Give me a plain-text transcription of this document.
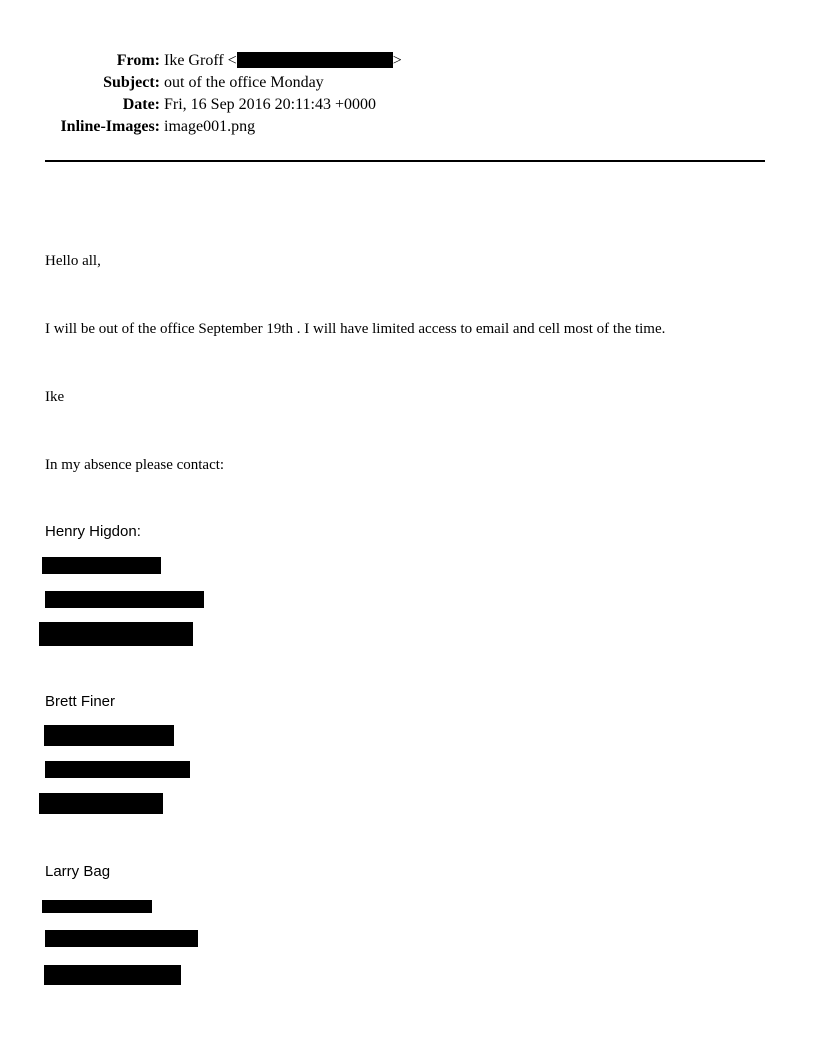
From: Ike Groff <	>
Subject: out of the office Monday
Date: Fri, 16 Sep 2016 20:11:43 +0000
Inline-Images: image001.png
Hello all,
I will be out of the office September 19th . I will have limited access to email and cell most of the time.
Ike
In my absence please contact:
Henry Higdon:
Brett Finer
Larry Bag
